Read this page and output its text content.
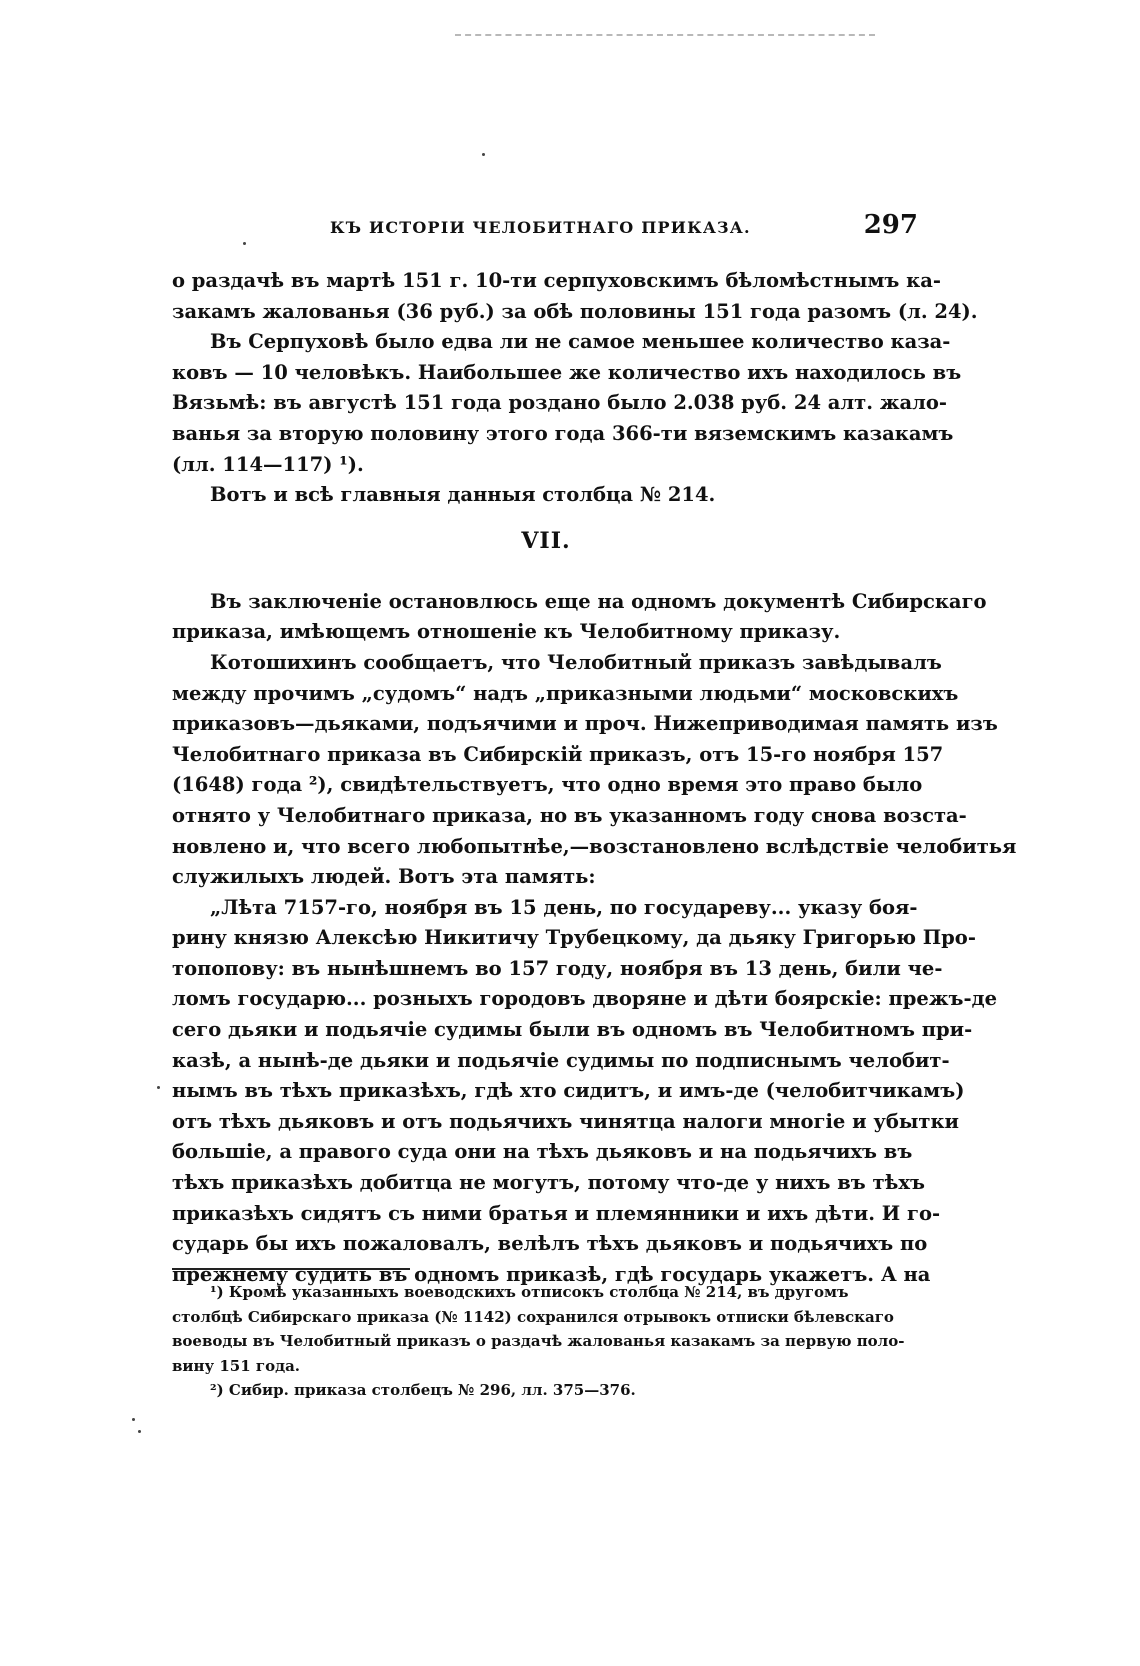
КЪ ИСТОРІИ ЧЕЛОБИТНАГО ПРИКАЗА.	297
о раздачѣ въ мартѣ 151 г. 10-ти серпуховскимъ бѣломѣстнымъ ка-
закамъ жалованья (36 руб.) за обѣ половины 151 года разомъ (л. 24).
Въ Серпуховѣ было едва ли не самое меньшее количество каза-
ковъ — 10 человѣкъ. Наибольшее же количество ихъ находилось въ
Вязьмѣ: въ августѣ 151 года роздано было 2.038 руб. 24 алт. жало-
ванья за вторую половину этого года 366-ти вяземскимъ казакамъ
(лл. 114—117) ¹).
Вотъ и всѣ главныя данныя столбца № 214.
VII.
Въ заключеніе остановлюсь еще на одномъ документѣ Сибирскаго
приказа, имѣющемъ отношеніе къ Челобитному приказу.
Котошихинъ сообщаетъ, что Челобитный приказъ завѣдывалъ
между прочимъ „судомъ“ надъ „приказными людьми“ московскихъ
приказовъ—дьяками, подъячими и проч. Нижеприводимая память изъ
Челобитнаго приказа въ Сибирскій приказъ, отъ 15-го ноября 157
(1648) года ²), свидѣтельствуетъ, что одно время это право было
отнято у Челобитнаго приказа, но въ указанномъ году снова возста-
новлено и, что всего любопытнѣе,—возстановлено вслѣдствіе челобитья
служилыхъ людей. Вотъ эта память:
„Лѣта 7157-го, ноября въ 15 день, по государеву... указу боя-
рину князю Алексѣю Никитичу Трубецкому, да дьяку Григорью Про-
топопову: въ нынѣшнемъ во 157 году, ноября въ 13 день, били че-
ломъ государю... розныхъ городовъ дворяне и дѣти боярскіе: прежъ-де
сего дьяки и подьячіе судимы были въ одномъ въ Челобитномъ при-
казѣ, а нынѣ-де дьяки и подьячіе судимы по подписнымъ челобит-
нымъ въ тѣхъ приказѣхъ, гдѣ хто сидитъ, и имъ-де (челобитчикамъ)
отъ тѣхъ дьяковъ и отъ подьячихъ чинятца налоги многіе и убытки
большіе, а правого суда они на тѣхъ дьяковъ и на подьячихъ въ
тѣхъ приказѣхъ добитца не могутъ, потому что-де у нихъ въ тѣхъ
приказѣхъ сидятъ съ ними братья и племянники и ихъ дѣти. И го-
сударь бы ихъ пожаловалъ, велѣлъ тѣхъ дьяковъ и подьячихъ по
прежнему судить въ одномъ приказѣ, гдѣ государь укажетъ. А на
¹) Кромѣ указанныхъ воеводскихъ отписокъ столбца № 214, въ другомъ
столбцѣ Сибирскаго приказа (№ 1142) сохранился отрывокъ отписки бѣлевскаго
воеводы въ Челобитный приказъ о раздачѣ жалованья казакамъ за первую поло-
вину 151 года.
²) Сибир. приказа столбецъ № 296, лл. 375—376.
